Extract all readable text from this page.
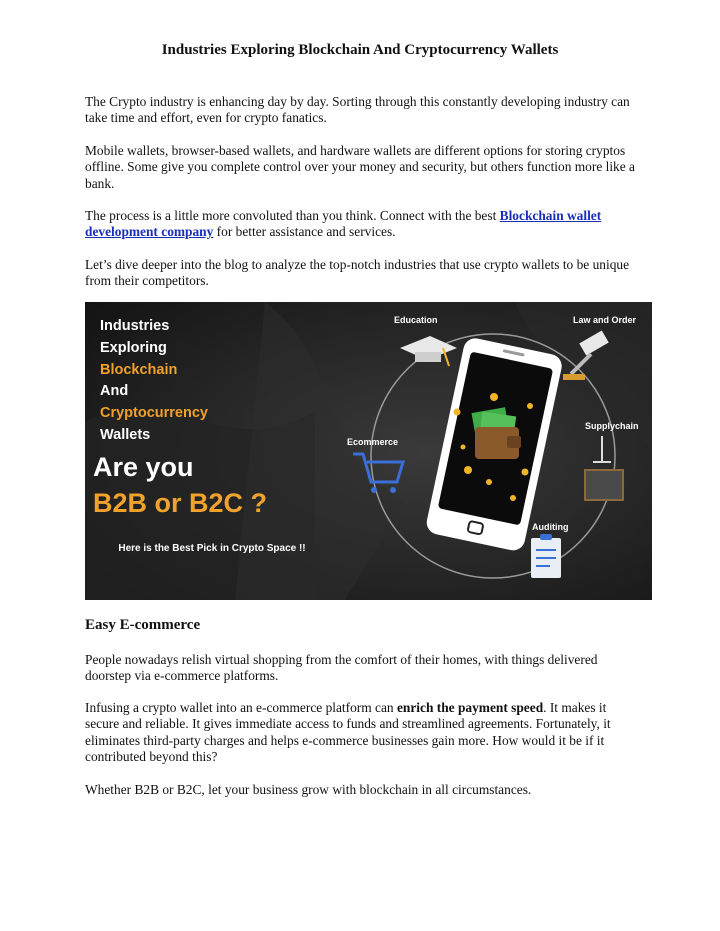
Industries Exploring Blockchain And Cryptocurrency Wallets

The Crypto industry is enhancing day by day. Sorting through this constantly developing industry can take time and effort, even for crypto fanatics.

Mobile wallets, browser-based wallets, and hardware wallets are different options for storing cryptos offline. Some give you complete control over your money and security, but others function more like a bank.

The process is a little more convoluted than you think. Connect with the best Blockchain wallet development company for better assistance and services.

Let’s dive deeper into the blog to analyze the top-notch industries that use crypto wallets to be unique from their competitors.

Industries
Exploring
Blockchain
And
Cryptocurrency
Wallets
Are you
B2B or B2C ?
Here is the Best Pick in Crypto Space !!
Education	Law and Order
Supplychain
Ecommerce
Auditing
Easy E-commerce

People nowadays relish virtual shopping from the comfort of their homes, with things delivered doorstep via e-commerce platforms.

Infusing a crypto wallet into an e-commerce platform can enrich the payment speed. It makes it secure and reliable. It gives immediate access to funds and streamlined agreements. Fortunately, it eliminates third-party charges and helps e-commerce businesses gain more. How would it be if it contributed beyond this?

Whether B2B or B2C, let your business grow with blockchain in all circumstances.
